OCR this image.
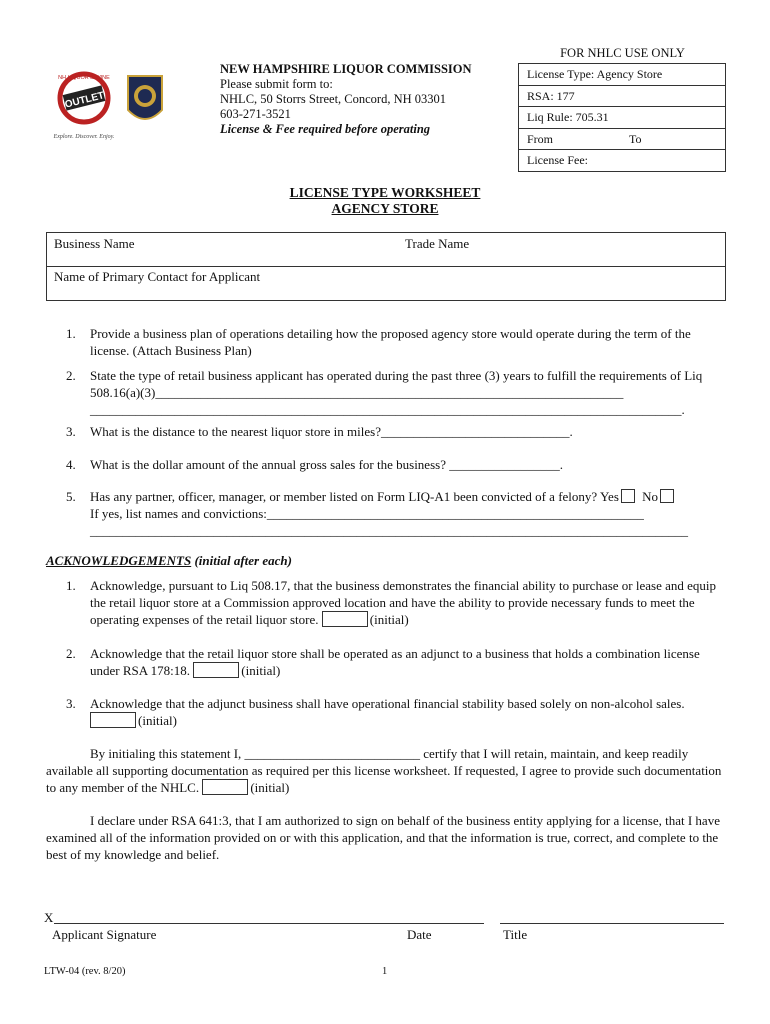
OUTLET
NH LIQUOR & WINE
Explore. Discover. Enjoy.
NEW HAMPSHIRE LIQUOR COMMISSION
Please submit form to:
NHLC, 50 Storrs Street, Concord, NH 03301
603-271-3521
License & Fee required before operating
FOR NHLC USE ONLY
License Type: Agency Store
RSA: 177
Liq Rule: 705.31
From	To
License Fee:
LICENSE TYPE WORKSHEET
AGENCY STORE
Business Name	Trade Name
Name of Primary Contact for Applicant
1. Provide a business plan of operations detailing how the proposed agency store would operate during the term of the license. (Attach Business Plan)
2. State the type of retail business applicant has operated during the past three (3) years to fulfill the requirements of Liq 508.16(a)(3)________________________________________________________________________ ___________________________________________________________________________________________.
3. What is the distance to the nearest liquor store in miles?_____________________________.
4. What is the dollar amount of the annual gross sales for the business? _________________.
5. Has any partner, officer, manager, or member listed on Form LIQ-A1 been convicted of a felony? Yes No
If yes, list names and convictions:__________________________________________________________ ____________________________________________________________________________________________
ACKNOWLEDGEMENTS (initial after each)
1. Acknowledge, pursuant to Liq 508.17, that the business demonstrates the financial ability to purchase or lease and equip the retail liquor store at a Commission approved location and have the ability to provide necessary funds to meet the operating expenses of the retail liquor store.	(initial)
2. Acknowledge that the retail liquor store shall be operated as an adjunct to a business that holds a combination license under RSA 178:18.	(initial)
3. Acknowledge that the adjunct business shall have operational financial stability based solely on non-alcohol sales. (initial)
By initialing this statement I, ___________________________ certify that I will retain, maintain, and keep readily available all supporting documentation as required per this license worksheet. If requested, I agree to provide such documentation to any member of the NHLC.	(initial)
I declare under RSA 641:3, that I am authorized to sign on behalf of the business entity applying for a license, that I have examined all of the information provided on or with this application, and that the information is true, correct, and complete to the best of my knowledge and belief.
X
Applicant Signature	Date	Title
LTW-04 (rev. 8/20)	1
